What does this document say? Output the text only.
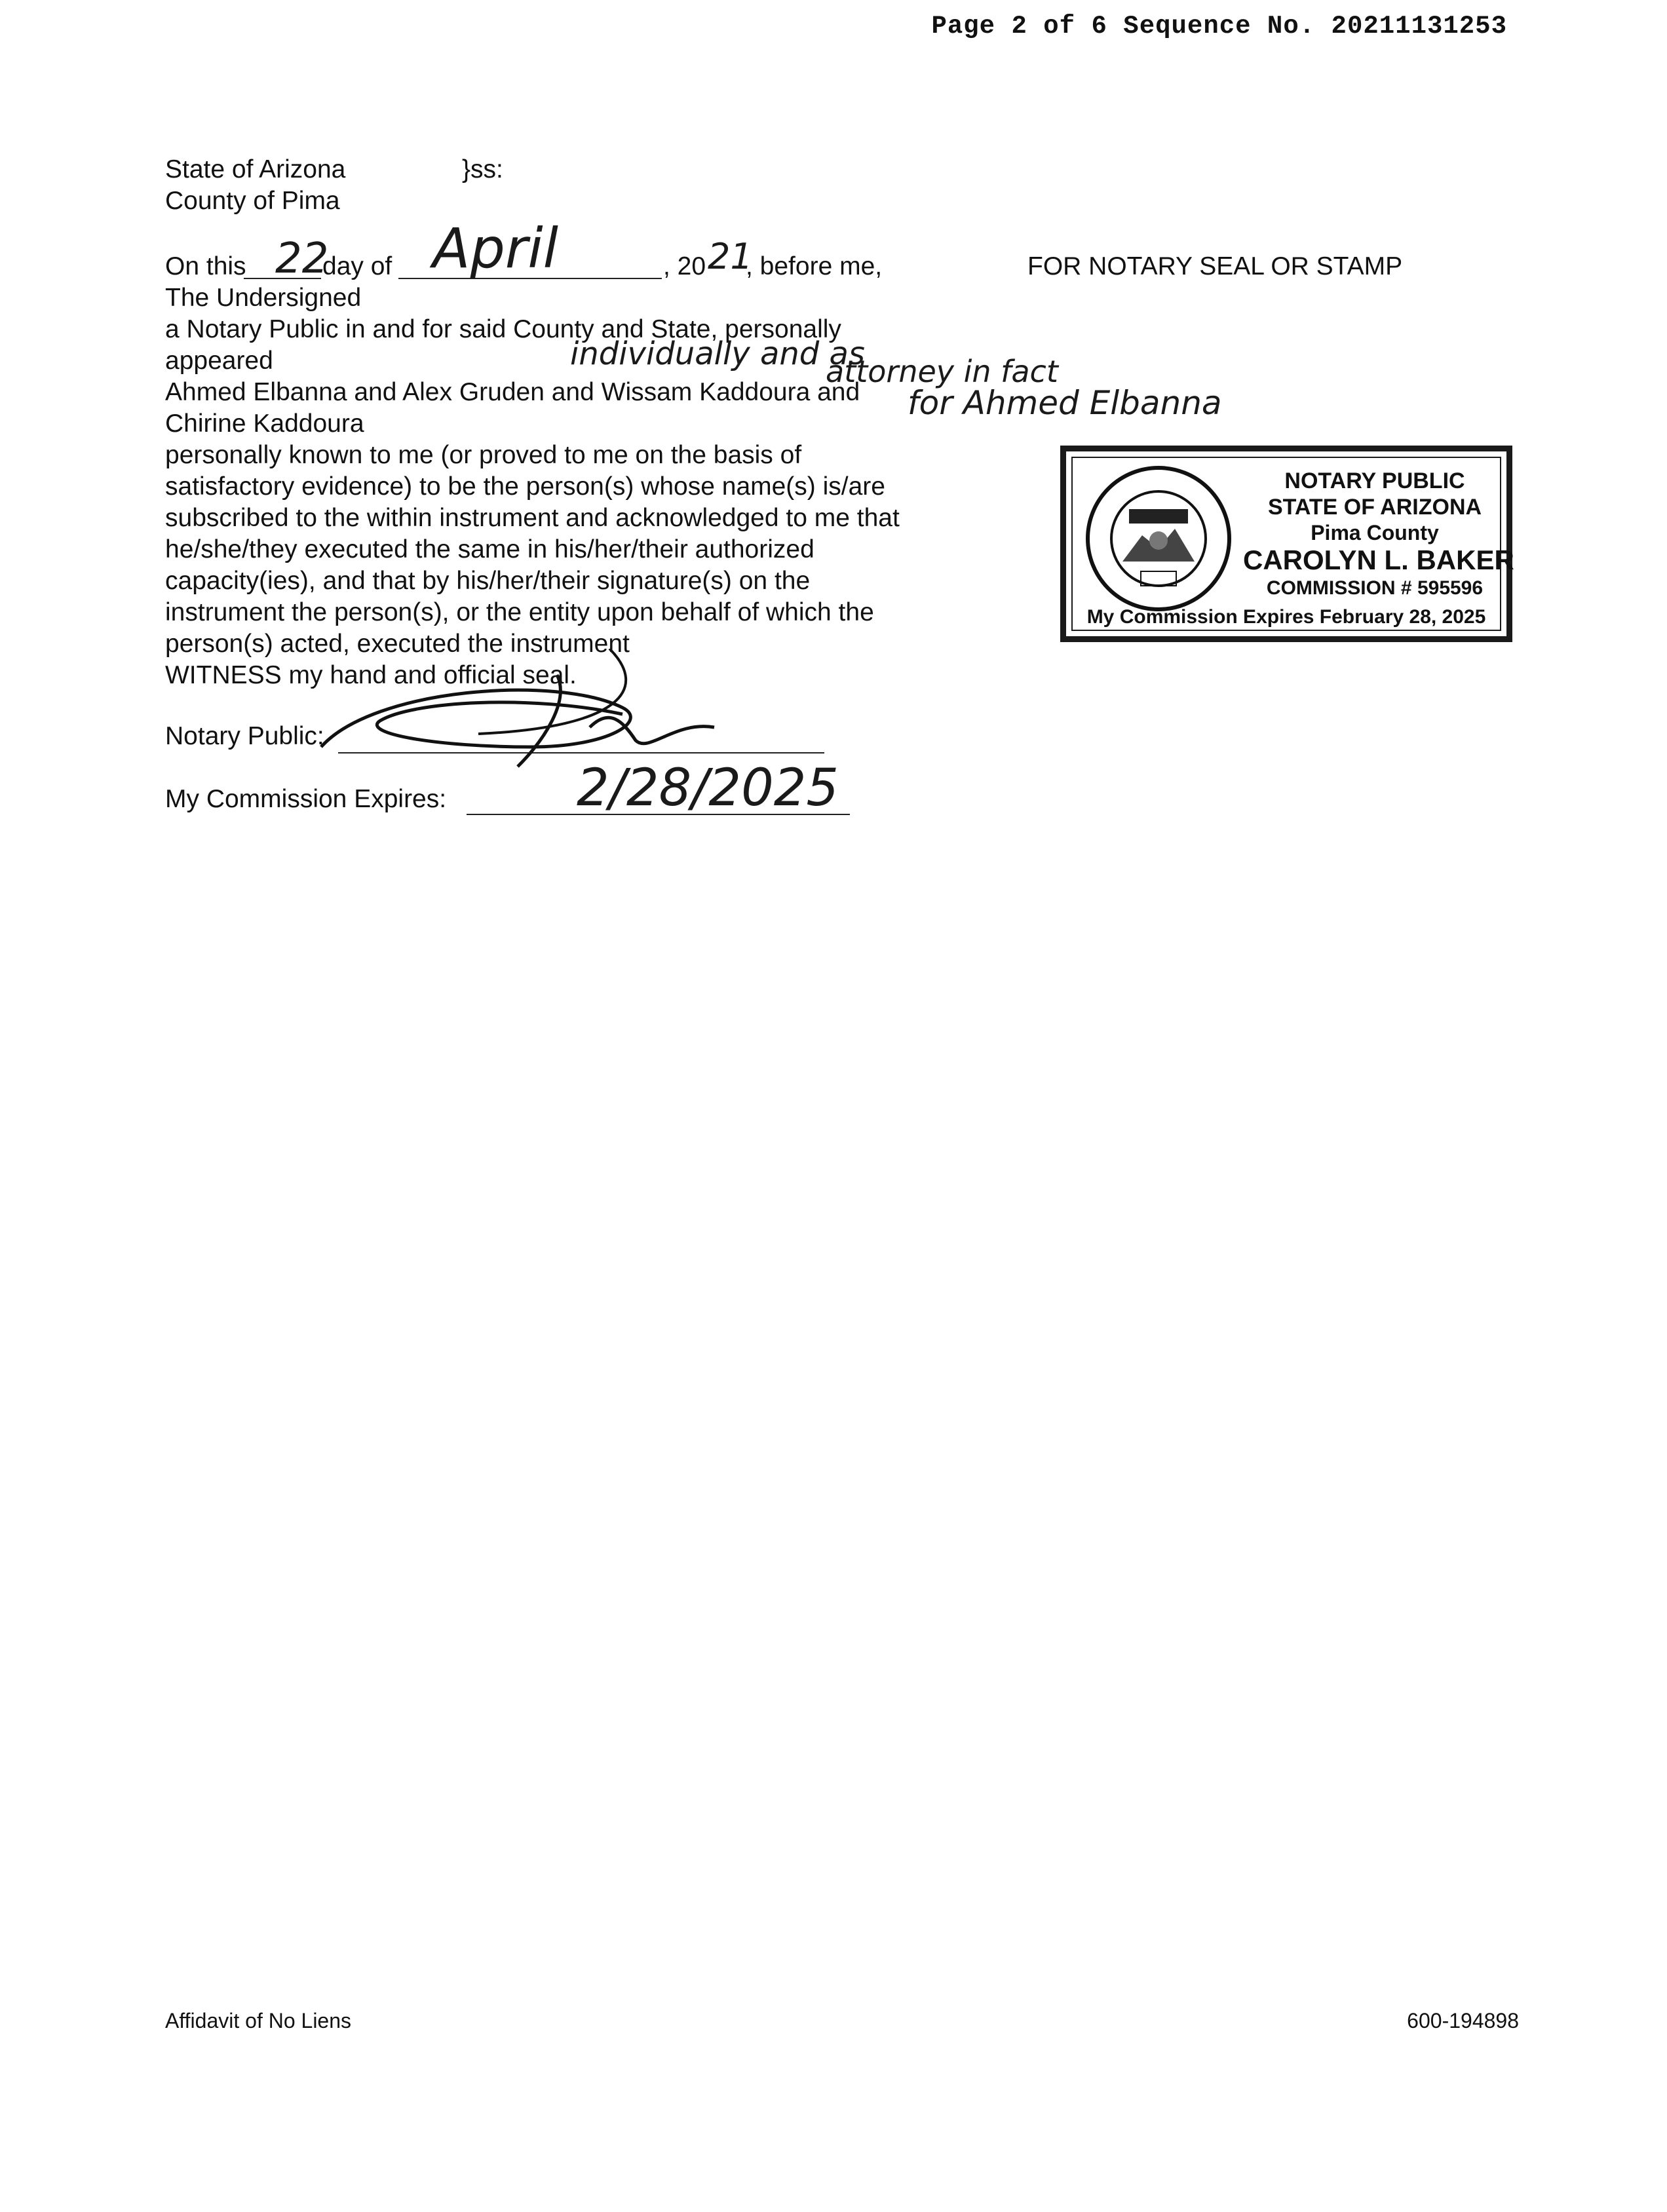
Page 2 of 6 Sequence No. 20211131253
State of Arizona	}ss:
County of Pima
On this 22
day of April	, 20 21
, before me,	FOR NOTARY SEAL OR STAMP
The Undersigned
a Notary Public in and for said County and State, personally
appeared	individually and as
attorney in fact
Ahmed Elbanna and Alex Gruden and Wissam Kaddoura and for Ahmed Elbanna
Chirine Kaddoura
personally known to me (or proved to me on the basis of
satisfactory evidence) to be the person(s) whose name(s) is/are
subscribed to the within instrument and acknowledged to me that
he/she/they executed the same in his/her/their authorized
capacity(ies), and that by his/her/their signature(s) on the
instrument the person(s), or the entity upon behalf of which the
person(s) acted, executed the instrument
WITNESS my hand and official seal.
Notary Public:
My Commission Expires:	2/28/2025
NOTARY PUBLIC
STATE OF ARIZONA
Pima County
CAROLYN L. BAKER
COMMISSION # 595596
My Commission Expires February 28, 2025
Affidavit of No Liens	600-194898
